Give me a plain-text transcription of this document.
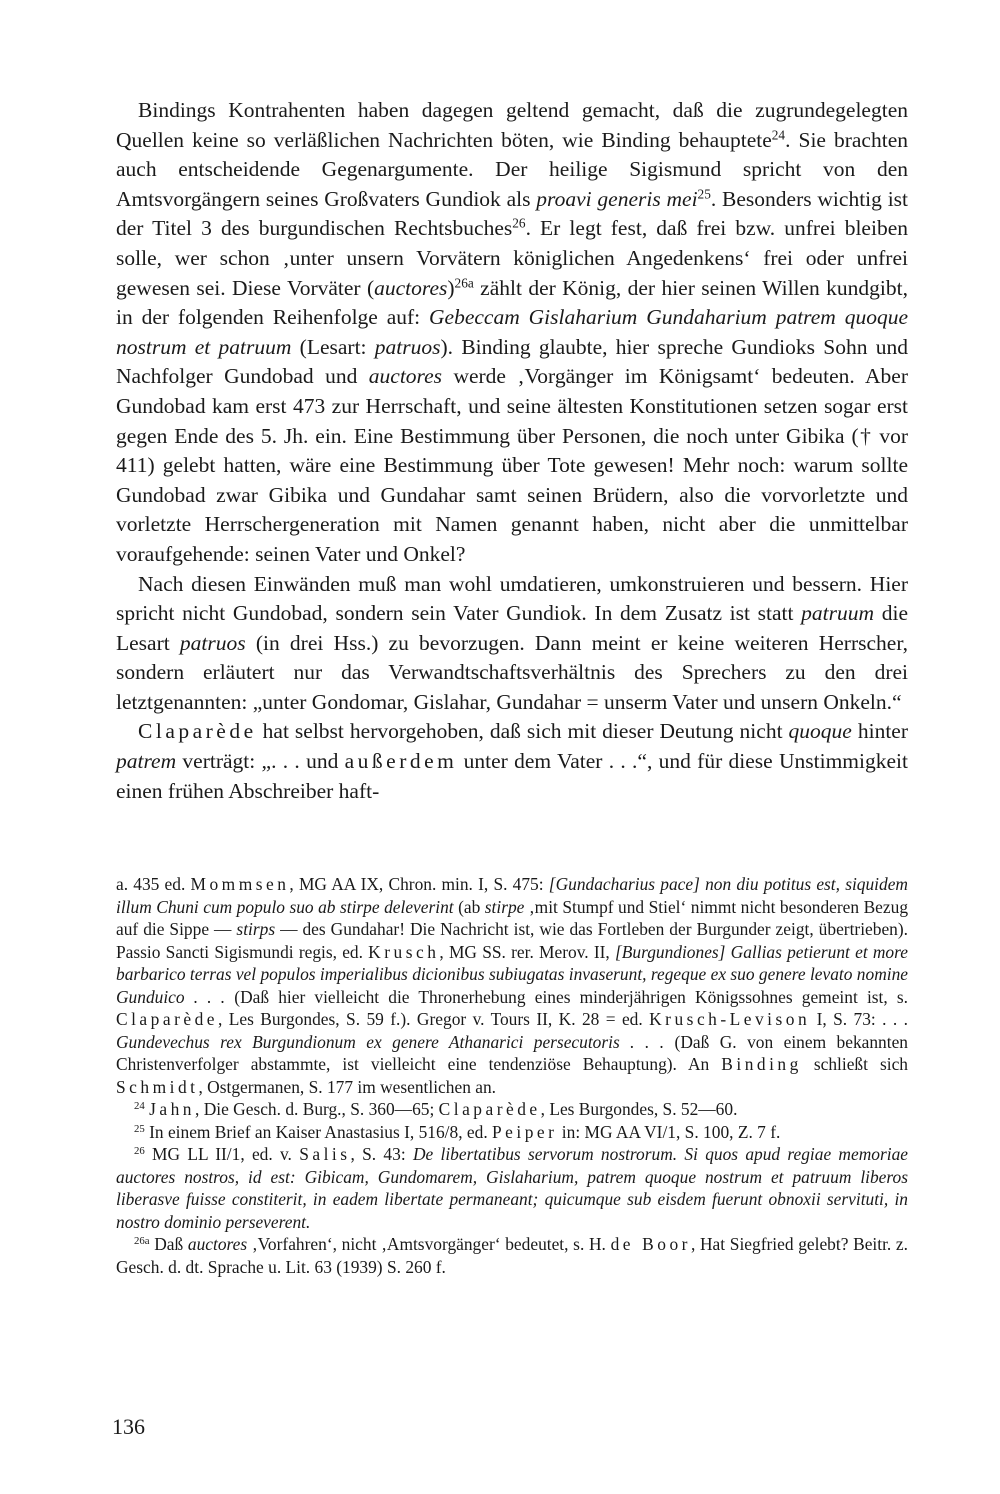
Bindings Kontrahenten haben dagegen geltend gemacht, daß die zugrundegelegten Quellen keine so verläßlichen Nachrichten böten, wie Binding behauptete$^{24}$. Sie brachten auch entscheidende Gegenargumente. Der heilige Sigismund spricht von den Amtsvorgängern seines Großvaters Gundiok als proavi generis mei$^{25}$. Besonders wichtig ist der Titel 3 des burgundischen Rechtsbuches$^{26}$. Er legt fest, daß frei bzw. unfrei bleiben solle, wer schon ‚unter unsern Vorvätern königlichen Angedenkens‘ frei oder unfrei gewesen sei. Diese Vorväter (auctores)$^{26a}$ zählt der König, der hier seinen Willen kundgibt, in der folgenden Reihenfolge auf: Gebeccam Gislaharium Gundaharium patrem quoque nostrum et patruum (Lesart: patruos). Binding glaubte, hier spreche Gundioks Sohn und Nachfolger Gundobad und auctores werde ‚Vorgänger im Königsamt‘ bedeuten. Aber Gundobad kam erst 473 zur Herrschaft, und seine ältesten Konstitutionen setzen sogar erst gegen Ende des 5. Jh. ein. Eine Bestimmung über Personen, die noch unter Gibika († vor 411) gelebt hatten, wäre eine Bestimmung über Tote gewesen! Mehr noch: warum sollte Gundobad zwar Gibika und Gundahar samt seinen Brüdern, also die vorvorletzte und vorletzte Herrschergeneration mit Namen genannt haben, nicht aber die unmittelbar voraufgehende: seinen Vater und Onkel?

Nach diesen Einwänden muß man wohl umdatieren, umkonstruieren und bessern. Hier spricht nicht Gundobad, sondern sein Vater Gundiok. In dem Zusatz ist statt patruum die Lesart patruos (in drei Hss.) zu bevorzugen. Dann meint er keine weiteren Herrscher, sondern erläutert nur das Verwandtschaftsverhältnis des Sprechers zu den drei letztgenannten: „unter Gondomar, Gislahar, Gundahar = unserm Vater und unsern Onkeln.“

Claparède hat selbst hervorgehoben, daß sich mit dieser Deutung nicht quoque hinter patrem verträgt: „. . . und außerdem unter dem Vater . . .“, und für diese Unstimmigkeit einen frühen Abschreiber haft-

a. 435 ed. Mommsen, MG AA IX, Chron. min. I, S. 475: [Gundacharius pace] non diu potitus est, siquidem illum Chuni cum populo suo ab stirpe deleverint (ab stirpe ‚mit Stumpf und Stiel‘ nimmt nicht besonderen Bezug auf die Sippe — stirps — des Gundahar! Die Nachricht ist, wie das Fortleben der Burgunder zeigt, übertrieben). Passio Sancti Sigismundi regis, ed. Krusch, MG SS. rer. Merov. II, [Burgundiones] Gallias petierunt et more barbarico terras vel populos imperialibus dicionibus subiugatas invaserunt, regeque ex suo genere levato nomine Gunduico . . . (Daß hier vielleicht die Thronerhebung eines minderjährigen Königssohnes gemeint ist, s. Claparède, Les Burgondes, S. 59 f.). Gregor v. Tours II, K. 28 = ed. Krusch-Levison I, S. 73: . . . Gundevechus rex Burgundionum ex genere Athanarici persecutoris . . . (Daß G. von einem bekannten Christenverfolger abstammte, ist vielleicht eine tendenziöse Behauptung). An Binding schließt sich Schmidt, Ostgermanen, S. 177 im wesentlichen an.

$^{24}$ Jahn, Die Gesch. d. Burg., S. 360—65; Claparède, Les Burgondes, S. 52—60.

$^{25}$ In einem Brief an Kaiser Anastasius I, 516/8, ed. Peiper in: MG AA VI/1, S. 100, Z. 7 f.

$^{26}$ MG LL II/1, ed. v. Salis, S. 43: De libertatibus servorum nostrorum. Si quos apud regiae memoriae auctores nostros, id est: Gibicam, Gundomarem, Gislaharium, patrem quoque nostrum et patruum liberos liberasve fuisse constiterit, in eadem libertate permaneant; quicumque sub eisdem fuerunt obnoxii servituti, in nostro dominio perseverent.

$^{26a}$ Daß auctores ‚Vorfahren‘, nicht ‚Amtsvorgänger‘ bedeutet, s. H. de Boor, Hat Siegfried gelebt? Beitr. z. Gesch. d. dt. Sprache u. Lit. 63 (1939) S. 260 f.

136
